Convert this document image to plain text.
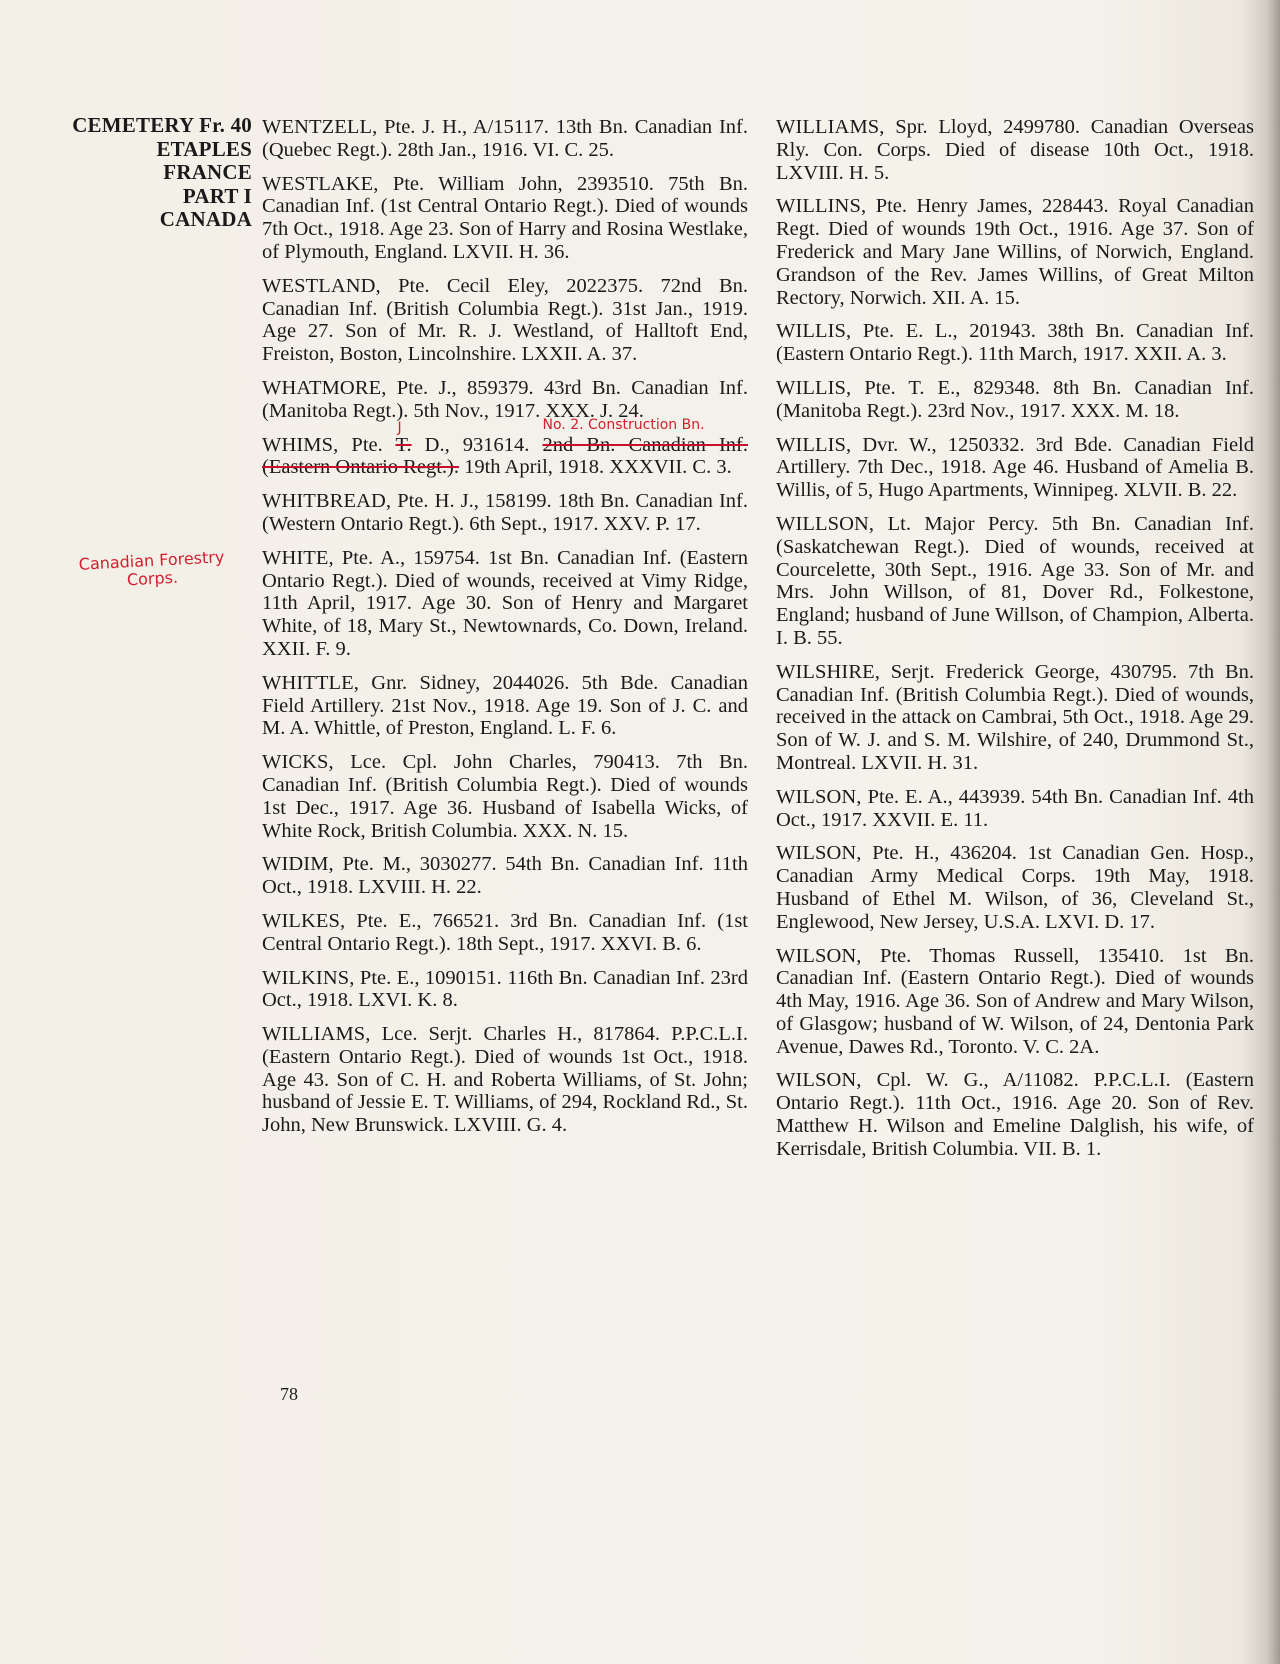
CEMETERY Fr. 40
ETAPLES
FRANCE
PART I
CANADA
Canadian Forestry Corps.

WENTZELL, Pte. J. H., A/15117. 13th Bn. Canadian Inf. (Quebec Regt.). 28th Jan., 1916. VI. C. 25.

WESTLAKE, Pte. William John, 2393510. 75th Bn. Canadian Inf. (1st Central Ontario Regt.). Died of wounds 7th Oct., 1918. Age 23. Son of Harry and Rosina Westlake, of Plymouth, England. LXVII. H. 36.

WESTLAND, Pte. Cecil Eley, 2022375. 72nd Bn. Canadian Inf. (British Columbia Regt.). 31st Jan., 1919. Age 27. Son of Mr. R. J. Westland, of Halltoft End, Freiston, Boston, Lincolnshire. LXXII. A. 37.

WHATMORE, Pte. J., 859379. 43rd Bn. Canadian Inf. (Manitoba Regt.). 5th Nov., 1917. XXX. J. 24.

WHIMS, Pte. T.
J
D., 931614. 2nd Bn. Canadian Inf. (Eastern Ontario Regt.).
No. 2. Construction Bn.
19th April, 1918. XXXVII. C. 3.

WHITBREAD, Pte. H. J., 158199. 18th Bn. Canadian Inf. (Western Ontario Regt.). 6th Sept., 1917. XXV. P. 17.

WHITE, Pte. A., 159754. 1st Bn. Canadian Inf. (Eastern Ontario Regt.). Died of wounds, received at Vimy Ridge, 11th April, 1917. Age 30. Son of Henry and Margaret White, of 18, Mary St., Newtownards, Co. Down, Ireland. XXII. F. 9.

WHITTLE, Gnr. Sidney, 2044026. 5th Bde. Canadian Field Artillery. 21st Nov., 1918. Age 19. Son of J. C. and M. A. Whittle, of Preston, England. L. F. 6.

WICKS, Lce. Cpl. John Charles, 790413. 7th Bn. Canadian Inf. (British Columbia Regt.). Died of wounds 1st Dec., 1917. Age 36. Husband of Isabella Wicks, of White Rock, British Columbia. XXX. N. 15.

WIDIM, Pte. M., 3030277. 54th Bn. Canadian Inf. 11th Oct., 1918. LXVIII. H. 22.

WILKES, Pte. E., 766521. 3rd Bn. Canadian Inf. (1st Central Ontario Regt.). 18th Sept., 1917. XXVI. B. 6.

WILKINS, Pte. E., 1090151. 116th Bn. Canadian Inf. 23rd Oct., 1918. LXVI. K. 8.

WILLIAMS, Lce. Serjt. Charles H., 817864. P.P.C.L.I. (Eastern Ontario Regt.). Died of wounds 1st Oct., 1918. Age 43. Son of C. H. and Roberta Williams, of St. John; husband of Jessie E. T. Williams, of 294, Rockland Rd., St. John, New Brunswick. LXVIII. G. 4.

WILLIAMS, Spr. Lloyd, 2499780. Canadian Overseas Rly. Con. Corps. Died of disease 10th Oct., 1918. LXVIII. H. 5.

WILLINS, Pte. Henry James, 228443. Royal Canadian Regt. Died of wounds 19th Oct., 1916. Age 37. Son of Frederick and Mary Jane Willins, of Norwich, England. Grandson of the Rev. James Willins, of Great Milton Rectory, Norwich. XII. A. 15.

WILLIS, Pte. E. L., 201943. 38th Bn. Canadian Inf. (Eastern Ontario Regt.). 11th March, 1917. XXII. A. 3.

WILLIS, Pte. T. E., 829348. 8th Bn. Canadian Inf. (Manitoba Regt.). 23rd Nov., 1917. XXX. M. 18.

WILLIS, Dvr. W., 1250332. 3rd Bde. Canadian Field Artillery. 7th Dec., 1918. Age 46. Husband of Amelia B. Willis, of 5, Hugo Apartments, Winnipeg. XLVII. B. 22.

WILLSON, Lt. Major Percy. 5th Bn. Canadian Inf. (Saskatchewan Regt.). Died of wounds, received at Courcelette, 30th Sept., 1916. Age 33. Son of Mr. and Mrs. John Willson, of 81, Dover Rd., Folkestone, England; husband of June Willson, of Champion, Alberta. I. B. 55.

WILSHIRE, Serjt. Frederick George, 430795. 7th Bn. Canadian Inf. (British Columbia Regt.). Died of wounds, received in the attack on Cambrai, 5th Oct., 1918. Age 29. Son of W. J. and S. M. Wilshire, of 240, Drummond St., Montreal. LXVII. H. 31.

WILSON, Pte. E. A., 443939. 54th Bn. Canadian Inf. 4th Oct., 1917. XXVII. E. 11.

WILSON, Pte. H., 436204. 1st Canadian Gen. Hosp., Canadian Army Medical Corps. 19th May, 1918. Husband of Ethel M. Wilson, of 36, Cleveland St., Englewood, New Jersey, U.S.A. LXVI. D. 17.

WILSON, Pte. Thomas Russell, 135410. 1st Bn. Canadian Inf. (Eastern Ontario Regt.). Died of wounds 4th May, 1916. Age 36. Son of Andrew and Mary Wilson, of Glasgow; husband of W. Wilson, of 24, Dentonia Park Avenue, Dawes Rd., Toronto. V. C. 2A.

WILSON, Cpl. W. G., A/11082. P.P.C.L.I. (Eastern Ontario Regt.). 11th Oct., 1916. Age 20. Son of Rev. Matthew H. Wilson and Emeline Dalglish, his wife, of Kerrisdale, British Columbia. VII. B. 1.

78
